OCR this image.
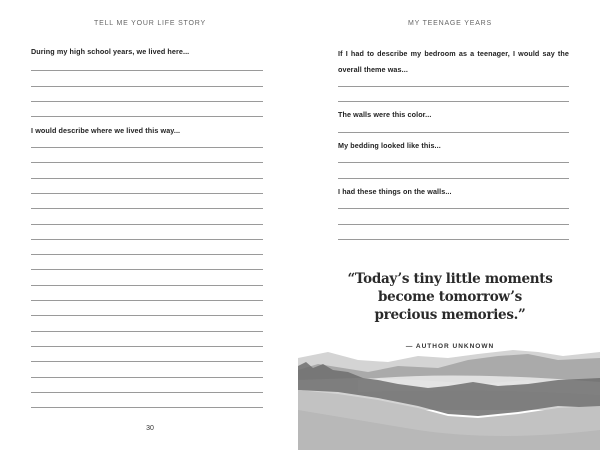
TELL ME YOUR LIFE STORY
During my high school years, we lived here...
I would describe where we lived this way...
30
MY TEENAGE YEARS
If I had to describe my bedroom as a teenager, I would say the
overall theme was...
The walls were this color...
My bedding looked like this...
I had these things on the walls...
“Today’s tiny little moments
become tomorrow’s
precious memories.”
— AUTHOR UNKNOWN
